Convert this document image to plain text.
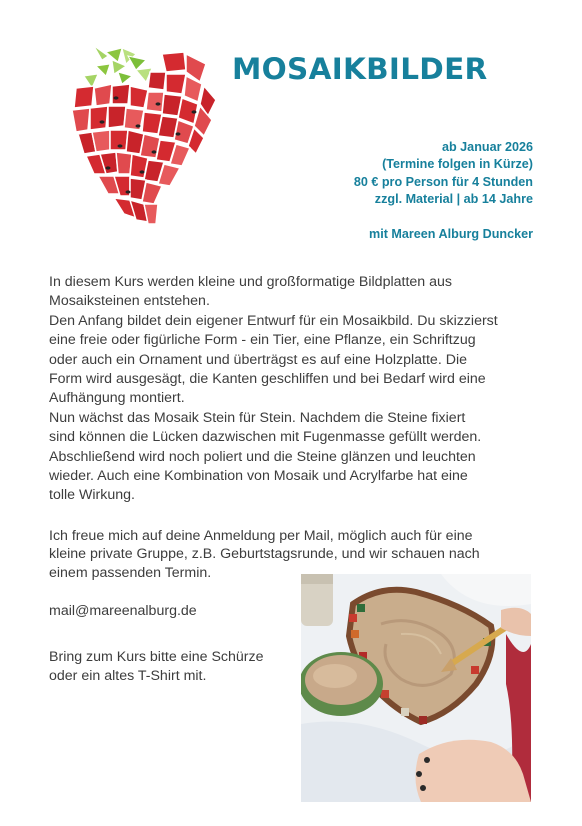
MOSAIKBILDER
ab Januar 2026
(Termine folgen in Kürze)
80 € pro Person für 4 Stunden
zzgl. Material | ab 14 Jahre
mit Mareen Alburg Duncker

In diesem Kurs werden kleine und großformatige Bildplatten aus

Mosaiksteinen entstehen.

Den Anfang bildet dein eigener Entwurf für ein Mosaikbild. Du skizzierst

eine freie oder figürliche Form - ein Tier, eine Pflanze, ein Schriftzug

oder auch ein Ornament und überträgst es auf eine Holzplatte. Die

Form wird ausgesägt, die Kanten geschliffen und bei Bedarf wird eine

Aufhängung montiert.

Nun wächst das Mosaik Stein für Stein. Nachdem die Steine fixiert

sind können die Lücken dazwischen mit Fugenmasse gefüllt werden.

Abschließend wird noch poliert und die Steine glänzen und leuchten

wieder. Auch eine Kombination von Mosaik und Acrylfarbe hat eine

tolle Wirkung.

Ich freue mich auf deine Anmeldung per Mail, möglich auch für eine
kleine private Gruppe, z.B. Geburtstagsrunde, und wir schauen nach
einem passenden Termin.
mail@mareenalburg.de
Bring zum Kurs bitte eine Schürze
oder ein altes T-Shirt mit.
